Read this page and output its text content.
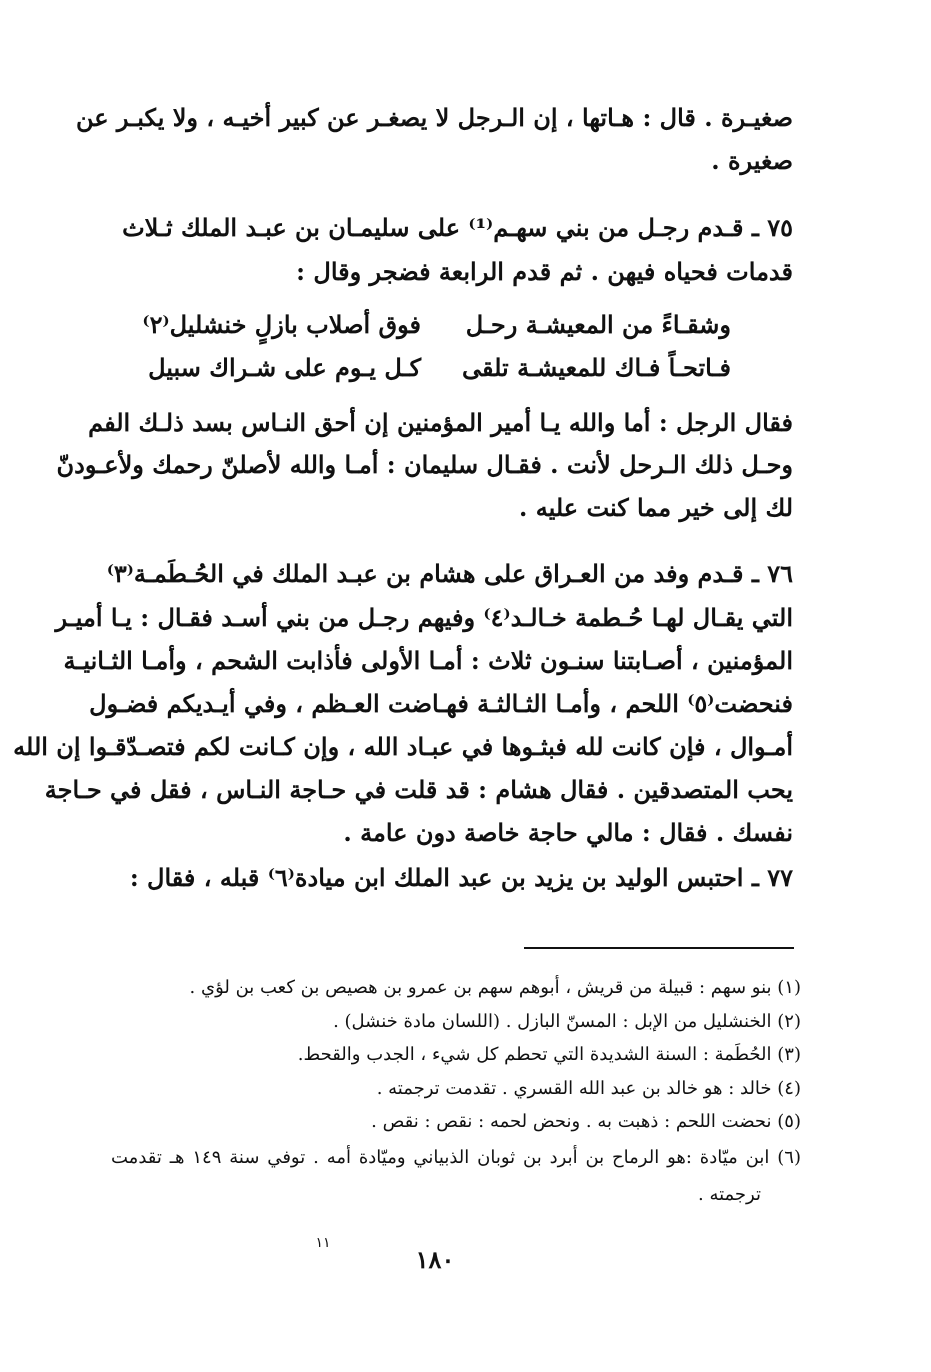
صغيـرة . قال : هـاتها ، إن الـرجل لا يصغـر عن كبير أخيـه ، ولا يكبـر عن
صغيرة .
٧٥ ـ قـدم رجـل من بني سهـم⁽¹⁾ على سليمـان بن عبـد الملك ثـلاث
قدمات فحياه فيهن . ثم قدم الرابعة فضجر وقال :
وشقـاءً من المعيشـة رحـل
فوق أصلاب بازلٍ خنشليل⁽٢⁾
فـاتحـاً فـاك للمعيشـة تلقى
كـل يـوم على شـراك سبيل
فقال الرجل : أما والله يـا أمير المؤمنين إن أحق النـاس بسد ذلـك الفم
وحـل ذلك الـرحل لأنت . فقـال سليمان : أمـا والله لأصلنّ رحمك ولأعـودنّ
لك إلى خير مما كنت عليه .
٧٦ ـ قـدم وفد من العـراق على هشام بن عبـد الملك في الحُـطَمـة⁽٣⁾
التي يقـال لهـا حُـطمة خـالـد⁽٤⁾ وفيهم رجـل من بني أسـد فقـال : يـا أميـر
المؤمنين ، أصـابتنا سنـون ثلاث : أمـا الأولى فأذابت الشحم ، وأمـا الثـانيـة
فنحضت⁽٥⁾ اللحم ، وأمـا الثـالثـة فهـاضت العـظم ، وفي أيـديكم فضـول
أمـوال ، فإن كانت لله فبثـوها في عبـاد الله ، وإن كـانت لكم فتصـدّقـوا إن الله
يحب المتصدقين . فقال هشام : قد قلت في حـاجة النـاس ، فقل في حـاجة
نفسك . فقال : مالي حاجة خاصة دون عامة .
٧٧ ـ احتبس الوليد بن يزيد بن عبد الملك ابن ميادة⁽٦⁾ قبله ، فقال :
(١) بنو سهم : قبيلة من قريش ، أبوهم سهم بن عمرو بن هصيص بن كعب بن لؤي .
(٢) الخنشليل من الإبل : المسنّ البازل . (اللسان مادة خنشل) .
(٣) الحُطَمة : السنة الشديدة التي تحطم كل شيء ، الجدب والقحط.
(٤) خالد : هو خالد بن عبد الله القسري . تقدمت ترجمته .
(٥) نحضت اللحم : ذهبت به . ونحض لحمه : نقص : نقص .
(٦) ابن ميّادة :هو الرماح بن أبرد بن ثوبان الذبياني وميّادة أمه . توفي سنة ١٤٩ هـ تقدمت
ترجمته .
١١
١٨٠
